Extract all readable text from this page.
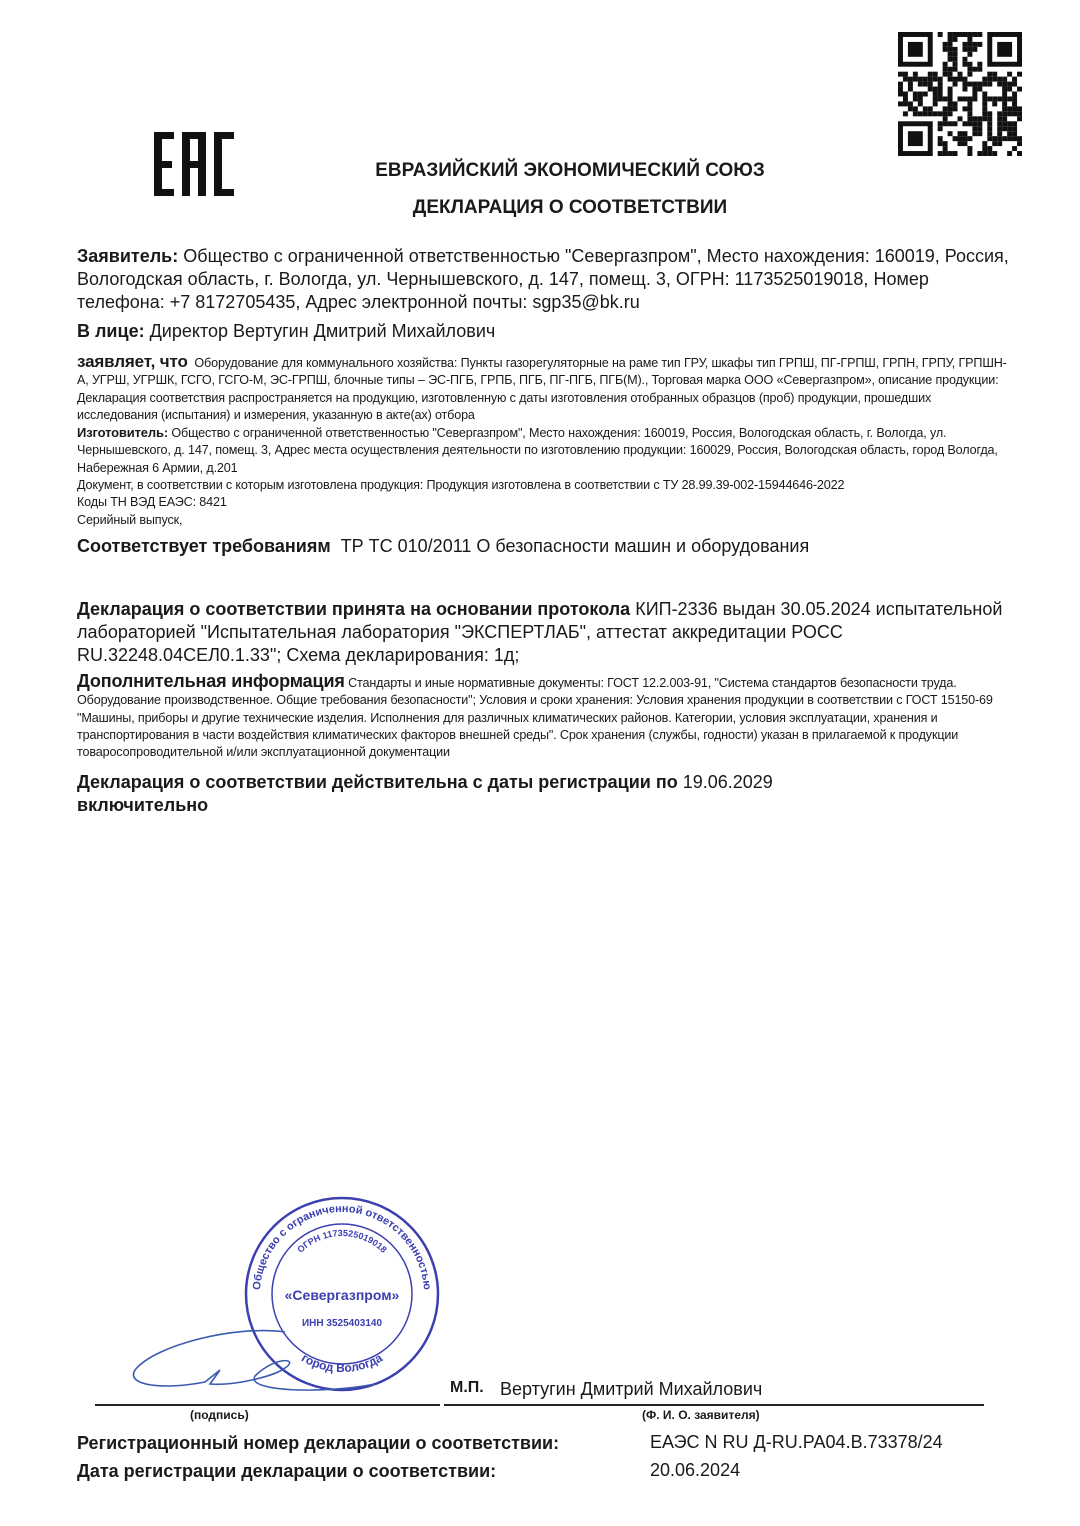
ЕВРАЗИЙСКИЙ ЭКОНОМИЧЕСКИЙ СОЮЗ
ДЕКЛАРАЦИЯ О СООТВЕТСТВИИ
Заявитель: Общество с ограниченной ответственностью "Севергазпром", Место нахождения: 160019, Россия, Вологодская область, г. Вологда, ул. Чернышевского, д. 147, помещ. 3, ОГРН: 1173525019018, Номер телефона: +7 8172705435, Адрес электронной почты: sgp35@bk.ru
В лице: Директор Вертугин Дмитрий Михайлович
заявляет, что Оборудование для коммунального хозяйства: Пункты газорегуляторные на раме тип ГРУ, шкафы тип ГРПШ, ПГ-ГРПШ, ГРПН, ГРПУ, ГРПШН-А, УГРШ, УГРШК, ГСГО, ГСГО-М, ЭС-ГРПШ, блочные типы – ЭС-ПГБ, ГРПБ, ПГБ, ПГ-ПГБ, ПГБ(М)., Торговая марка ООО «Севергазпром», описание продукции: Декларация соответствия распространяется на продукцию, изготовленную с даты изготовления отобранных образцов (проб) продукции, прошедших исследования (испытания) и измерения, указанную в акте(ах) отбора
Изготовитель: Общество с ограниченной ответственностью "Севергазпром", Место нахождения: 160019, Россия, Вологодская область, г. Вологда, ул. Чернышевского, д. 147, помещ. 3, Адрес места осуществления деятельности по изготовлению продукции: 160029, Россия, Вологодская область, город Вологда, Набережная 6 Армии, д.201
Документ, в соответствии с которым изготовлена продукция: Продукция изготовлена в соответствии с ТУ 28.99.39-002-15944646-2022
Коды ТН ВЭД ЕАЭС: 8421
Серийный выпуск,
Соответствует требованиям ТР ТС 010/2011 О безопасности машин и оборудования
Декларация о соответствии принята на основании протокола КИП-2336 выдан 30.05.2024 испытательной лабораторией "Испытательная лаборатория "ЭКСПЕРТЛАБ", аттестат аккредитации РОСС RU.32248.04СЕЛ0.1.33"; Схема декларирования: 1д;
Дополнительная информация Стандарты и иные нормативные документы: ГОСТ 12.2.003-91, "Система стандартов безопасности труда. Оборудование производственное. Общие требования безопасности"; Условия и сроки хранения: Условия хранения продукции в соответствии с ГОСТ 15150-69 "Машины, приборы и другие технические изделия. Исполнения для различных климатических районов. Категории, условия эксплуатации, хранения и транспортирования в части воздействия климатических факторов внешней среды". Срок хранения (службы, годности) указан в прилагаемой к продукции товаросопроводительной и/или эксплуатационной документации
Декларация о соответствии действительна с даты регистрации по 19.06.2029
включительно
Общество с ограниченной ответственностью
ОГРН 1173525019018
«Севергазпром»
ИНН 3525403140
город Вологда
(подпись)	(Ф. И. О. заявителя)
М.П. Вертугин Дмитрий Михайлович
Регистрационный номер декларации о соответствии:	ЕАЭС N RU Д-RU.РА04.В.73378/24
Дата регистрации декларации о соответствии:	20.06.2024
